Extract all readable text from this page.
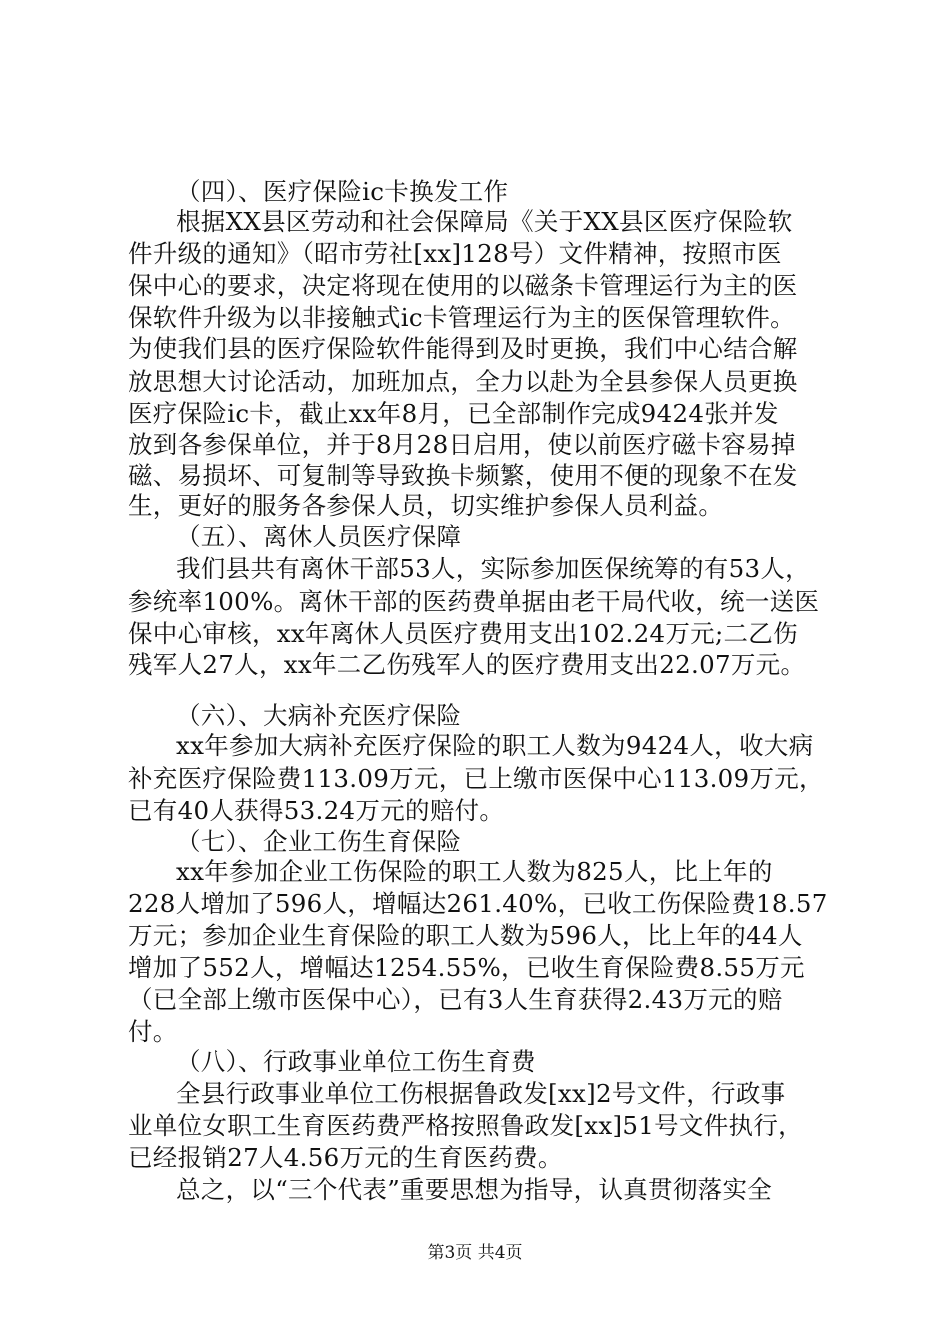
（四）、医疗保险ic卡换发工作
根据XX县区劳动和社会保障局《关于XX县区医疗保险软
件升级的通知》（昭市劳社[xx]128号）文件精神，按照市医
保中心的要求，决定将现在使用的以磁条卡管理运行为主的医
保软件升级为以非接触式ic卡管理运行为主的医保管理软件。
为使我们县的医疗保险软件能得到及时更换，我们中心结合解
放思想大讨论活动，加班加点，全力以赴为全县参保人员更换
医疗保险ic卡，截止xx年8月，已全部制作完成9424张并发
放到各参保单位，并于8月28日启用，使以前医疗磁卡容易掉
磁、易损坏、可复制等导致换卡频繁，使用不便的现象不在发
生，更好的服务各参保人员，切实维护参保人员利益。
（五）、离休人员医疗保障
我们县共有离休干部53人，实际参加医保统筹的有53人，
参统率100%。离休干部的医药费单据由老干局代收，统一送医
保中心审核，xx年离休人员医疗费用支出102.24万元;二乙伤
残军人27人，xx年二乙伤残军人的医疗费用支出22.07万元。
（六）、大病补充医疗保险
xx年参加大病补充医疗保险的职工人数为9424人，收大病
补充医疗保险费113.09万元，已上缴市医保中心113.09万元，
已有40人获得53.24万元的赔付。
（七）、企业工伤生育保险
xx年参加企业工伤保险的职工人数为825人，比上年的
228人增加了596人，增幅达261.40%，已收工伤保险费18.57
万元；参加企业生育保险的职工人数为596人，比上年的44人
增加了552人，增幅达1254.55%，已收生育保险费8.55万元
（已全部上缴市医保中心），已有3人生育获得2.43万元的赔
付。
（八）、行政事业单位工伤生育费
全县行政事业单位工伤根据鲁政发[xx]2号文件，行政事
业单位女职工生育医药费严格按照鲁政发[xx]51号文件执行，
已经报销27人4.56万元的生育医药费。
总之，以“三个代表”重要思想为指导，认真贯彻落实全
第3页 共4页
